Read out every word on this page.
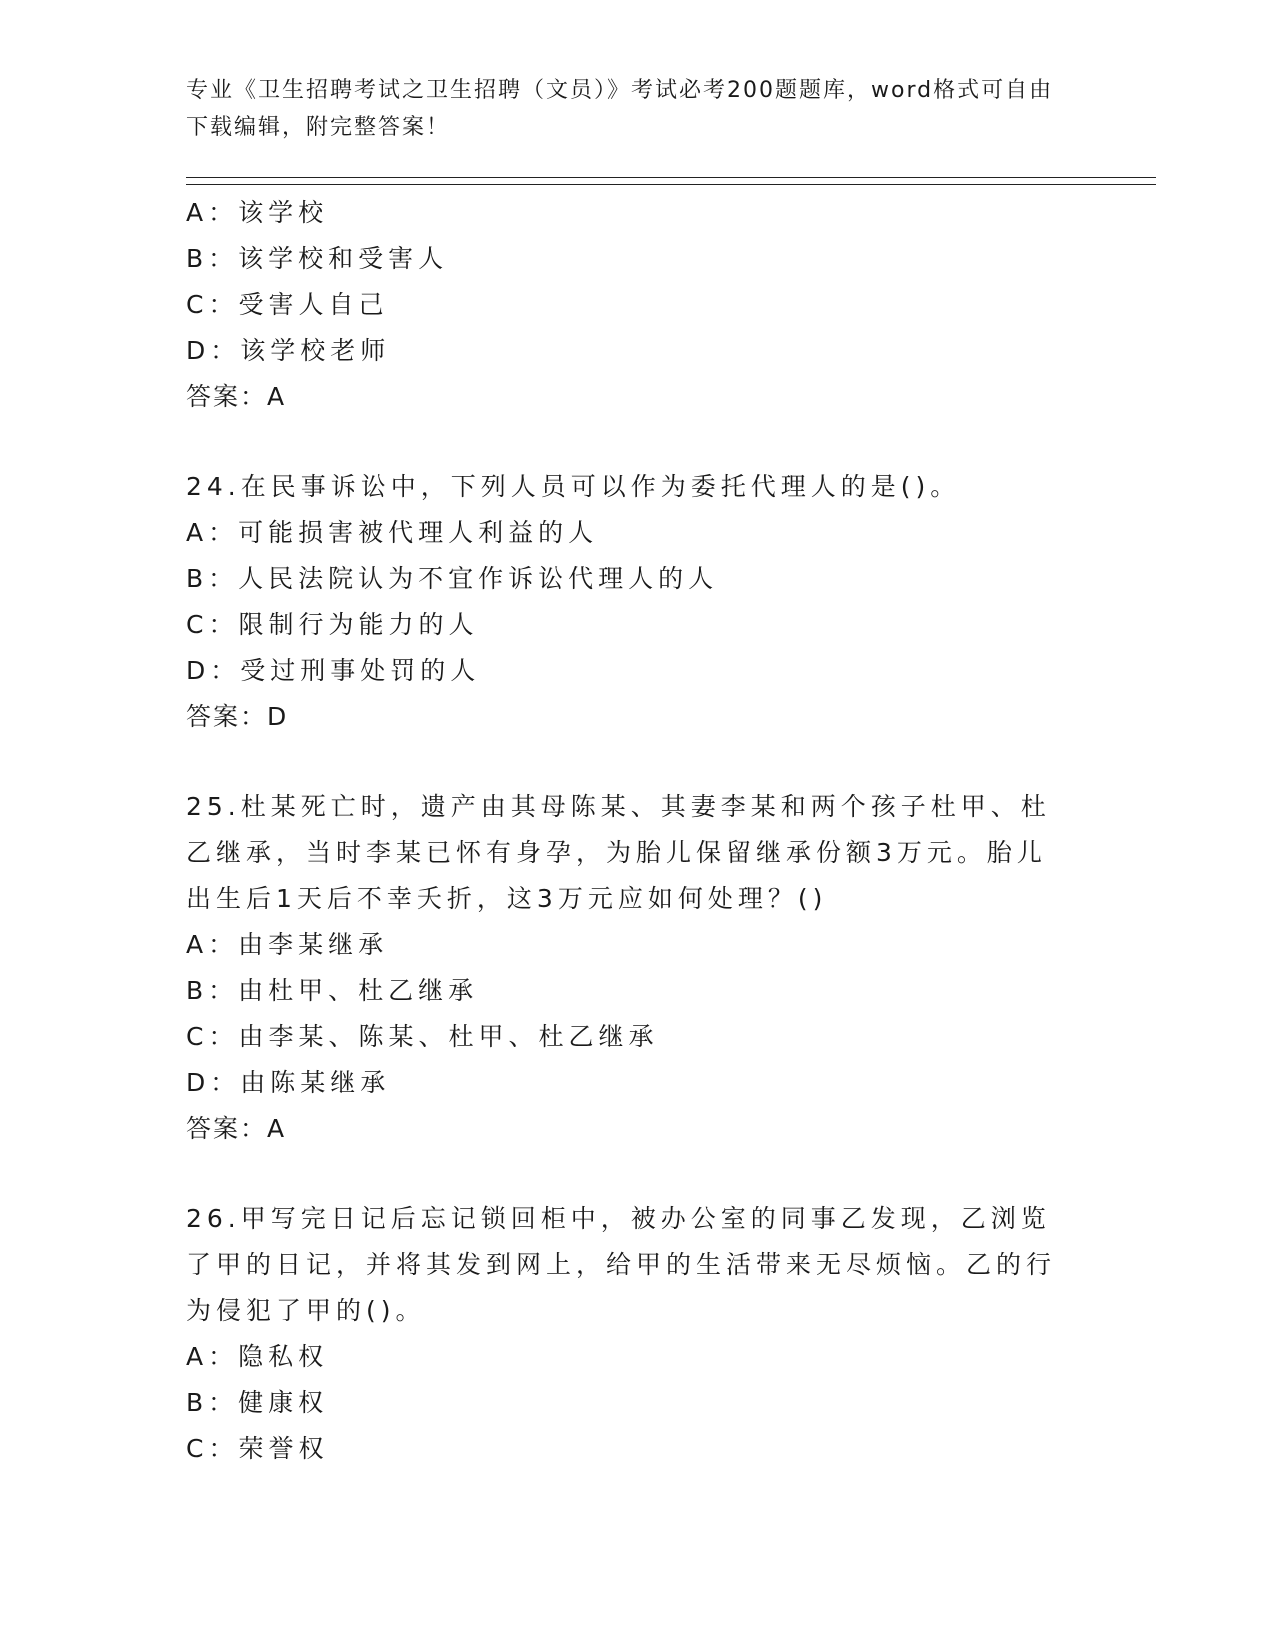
专业《卫生招聘考试之卫生招聘（文员）》考试必考200题题库，word格式可自由下载编辑，附完整答案！
A：该学校
B：该学校和受害人
C：受害人自己
D：该学校老师
答案：A
24.在民事诉讼中，下列人员可以作为委托代理人的是()。
A：可能损害被代理人利益的人
B：人民法院认为不宜作诉讼代理人的人
C：限制行为能力的人
D：受过刑事处罚的人
答案：D
25.杜某死亡时，遗产由其母陈某、其妻李某和两个孩子杜甲、杜乙继承，当时李某已怀有身孕，为胎儿保留继承份额3万元。胎儿出生后1天后不幸夭折，这3万元应如何处理？()
A：由李某继承
B：由杜甲、杜乙继承
C：由李某、陈某、杜甲、杜乙继承
D：由陈某继承
答案：A
26.甲写完日记后忘记锁回柜中，被办公室的同事乙发现，乙浏览了甲的日记，并将其发到网上，给甲的生活带来无尽烦恼。乙的行为侵犯了甲的()。
A：隐私权
B：健康权
C：荣誉权
